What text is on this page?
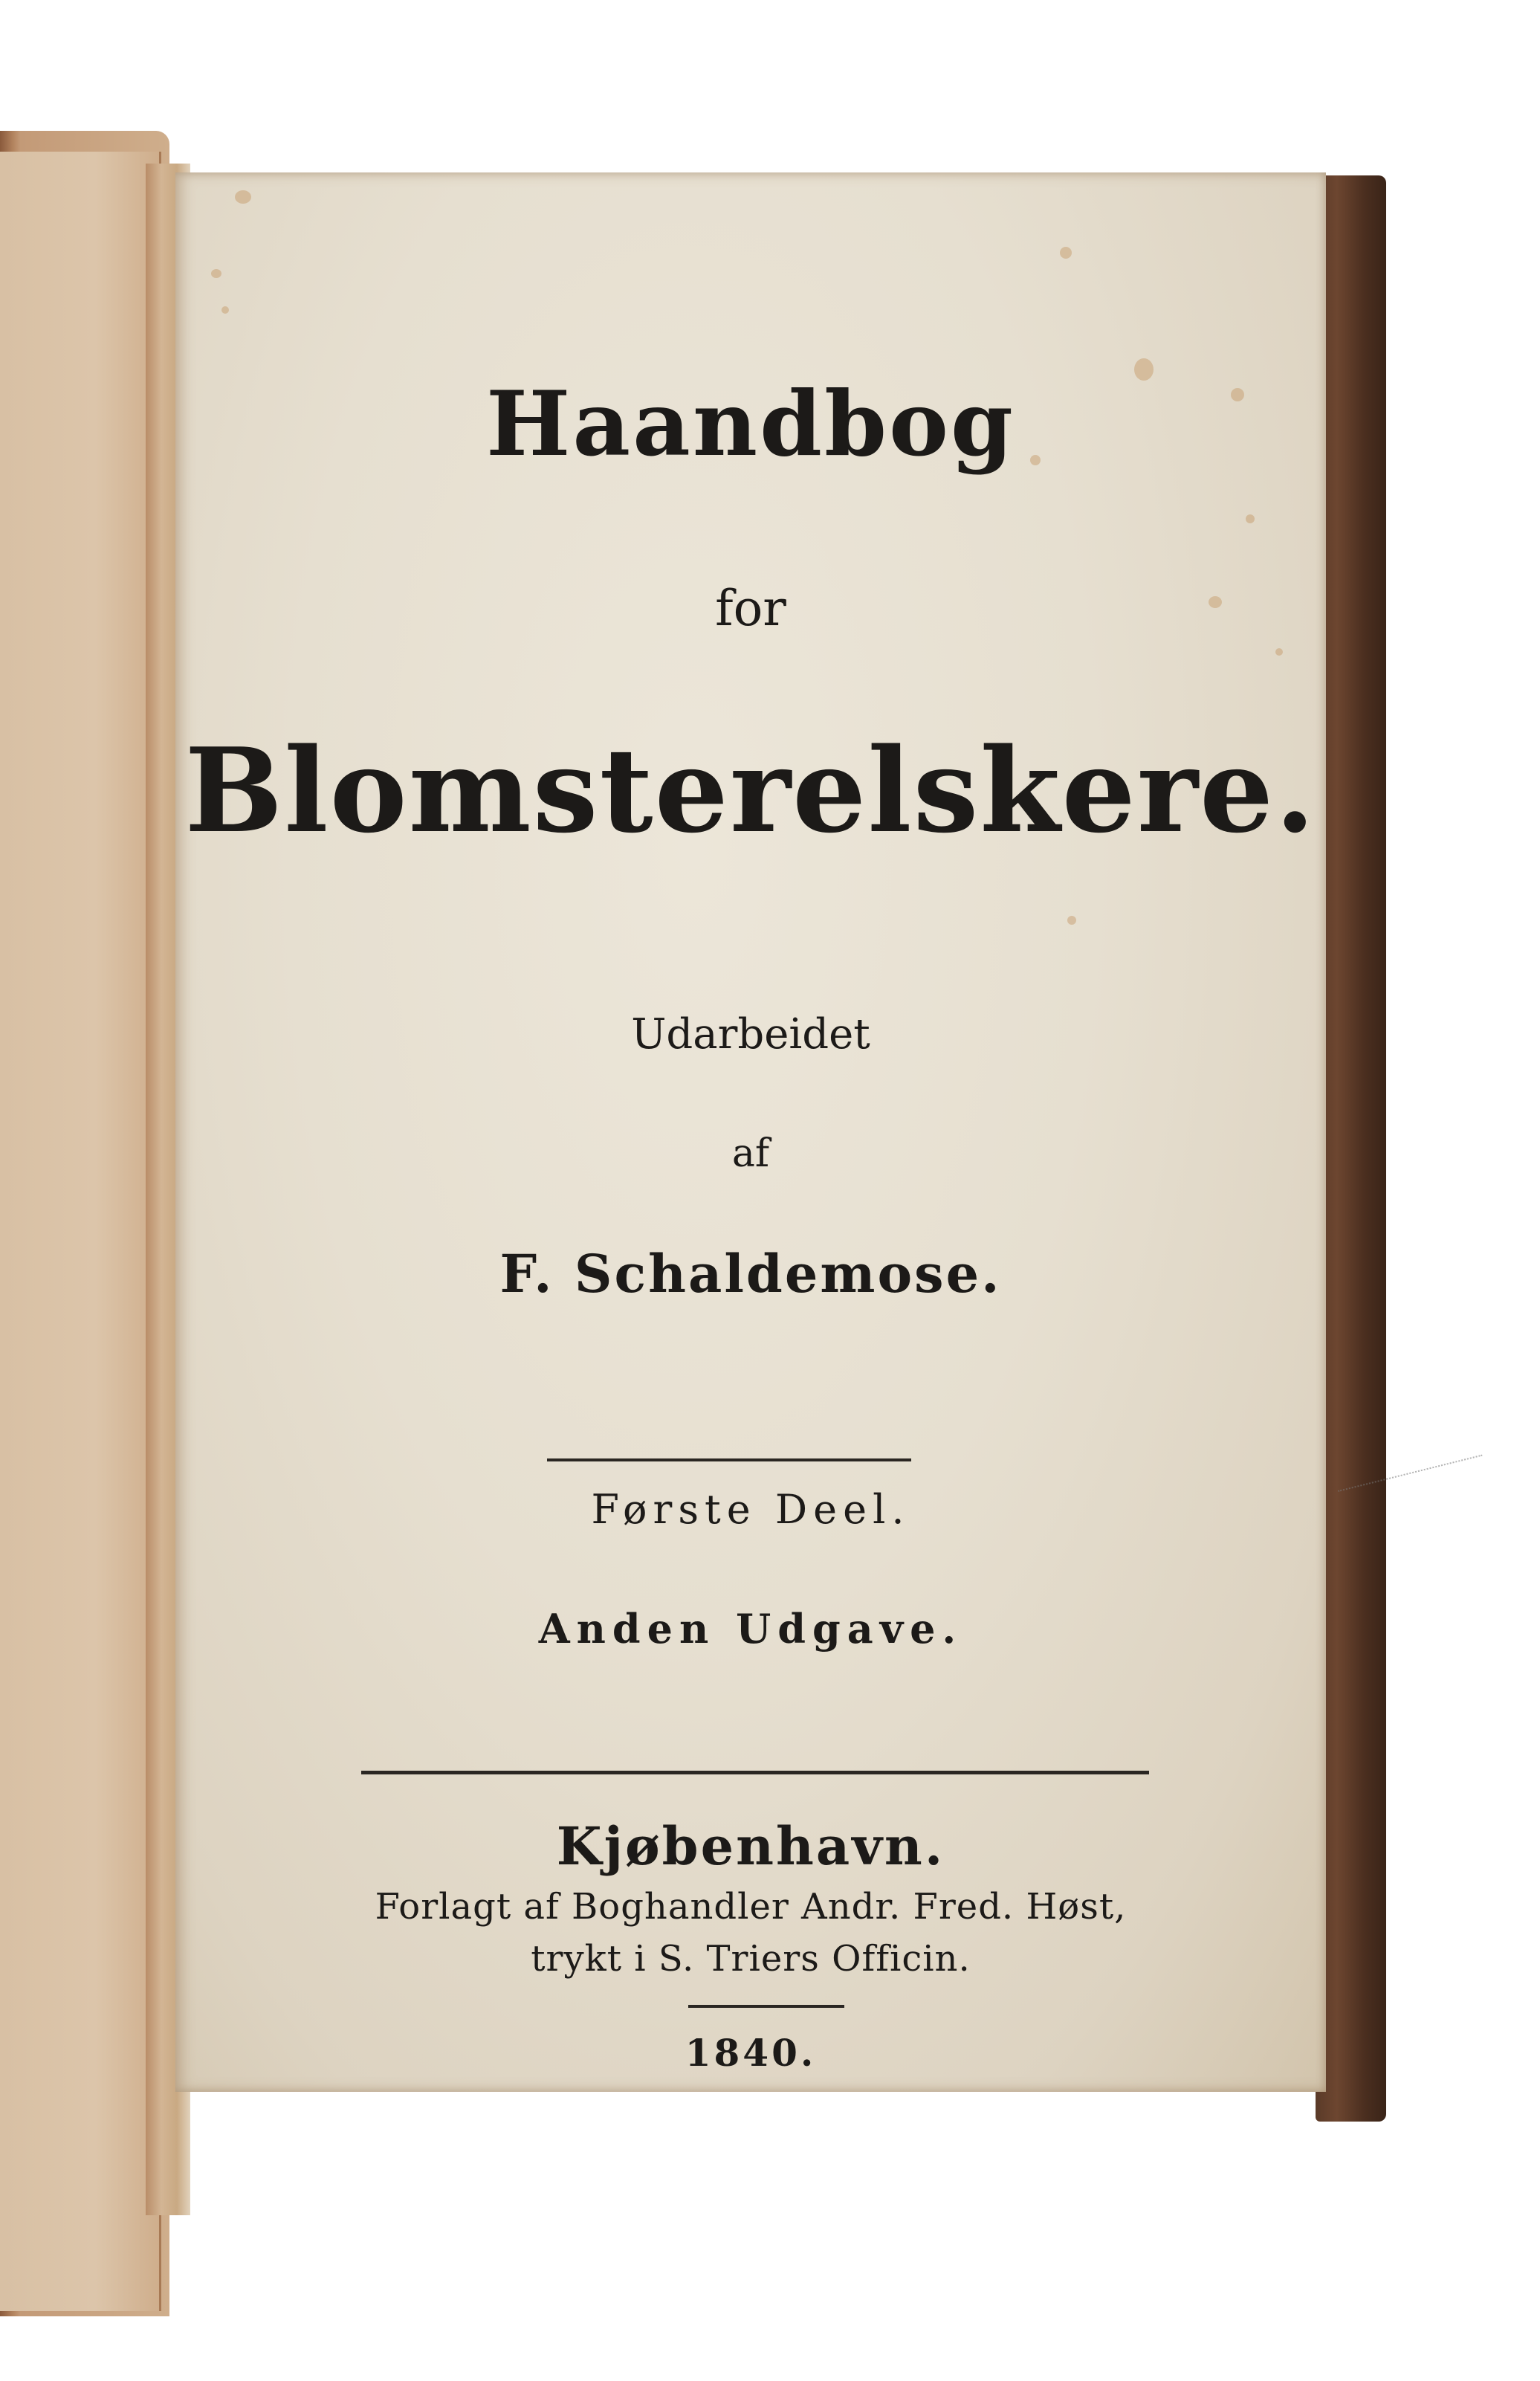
Haandbog
for
Blomsterelskere.
Udarbeidet
af
F. Schaldemose.
Første Deel.
Anden Udgave.
Kjøbenhavn.
Forlagt af Boghandler Andr. Fred. Høst,
trykt i S. Triers Officin.
1840.
